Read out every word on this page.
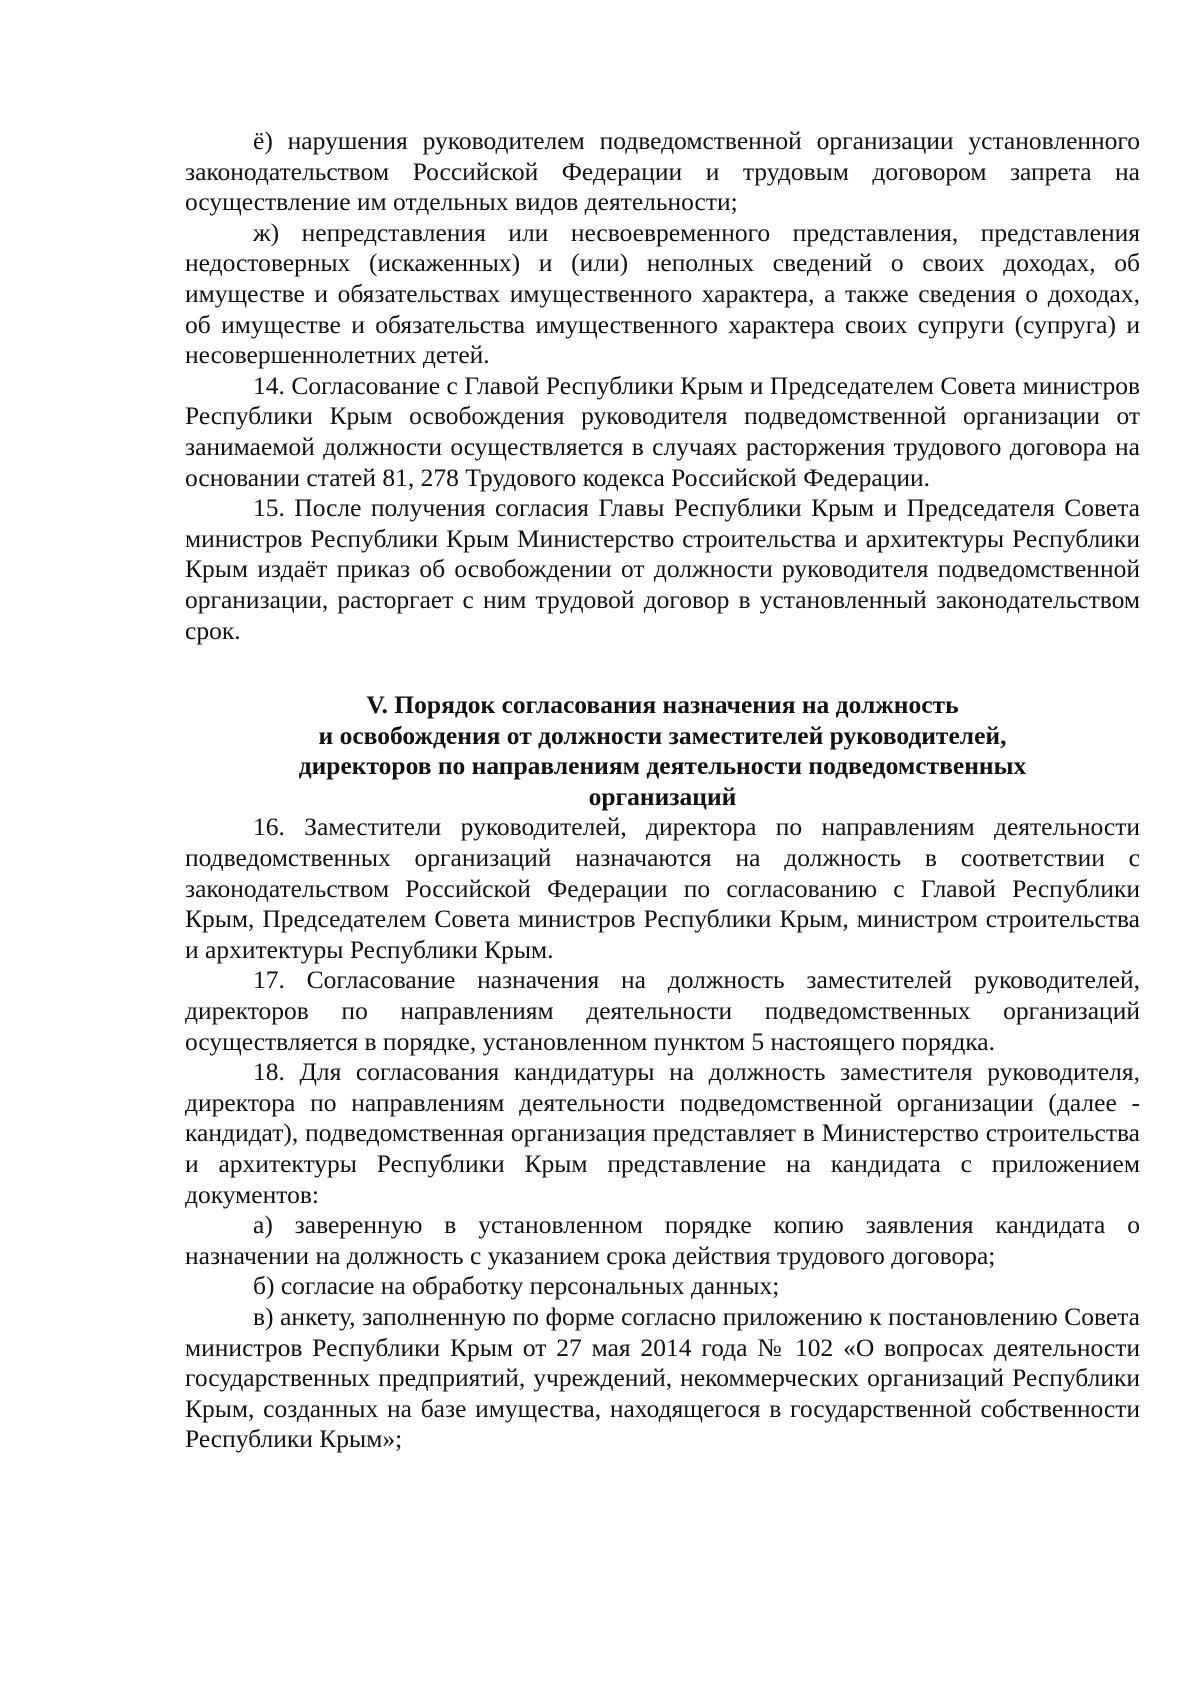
ё) нарушения руководителем подведомственной организации установленного законодательством Российской Федерации и трудовым договором запрета на осуществление им отдельных видов деятельности;

ж) непредставления или несвоевременного представления, представления недостоверных (искаженных) и (или) неполных сведений о своих доходах, об имуществе и обязательствах имущественного характера, а также сведения о доходах, об имуществе и обязательства имущественного характера своих супруги (супруга) и несовершеннолетних детей.

14. Согласование с Главой Республики Крым и Председателем Совета министров Республики Крым освобождения руководителя подведомственной организации от занимаемой должности осуществляется в случаях расторжения трудового договора на основании статей 81, 278 Трудового кодекса Российской Федерации.

15. После получения согласия Главы Республики Крым и Председателя Совета министров Республики Крым Министерство строительства и архитектуры Республики Крым издаёт приказ об освобождении от должности руководителя подведомственной организации, расторгает с ним трудовой договор в установленный законодательством срок.

V. Порядок согласования назначения на должность
и освобождения от должности заместителей руководителей,
директоров по направлениям деятельности подведомственных
организаций

16. Заместители руководителей, директора по направлениям деятельности подведомственных организаций назначаются на должность в соответствии с законодательством Российской Федерации по согласованию с Главой Республики Крым, Председателем Совета министров Республики Крым, министром строительства и архитектуры Республики Крым.

17. Согласование назначения на должность заместителей руководителей, директоров по направлениям деятельности подведомственных организаций осуществляется в порядке, установленном пунктом 5 настоящего порядка.

18. Для согласования кандидатуры на должность заместителя руководителя, директора по направлениям деятельности подведомственной организации (далее - кандидат), подведомственная организация представляет в Министерство строительства и архитектуры Республики Крым представление на кандидата с приложением документов:

а) заверенную в установленном порядке копию заявления кандидата о назначении на должность с указанием срока действия трудового договора;

б) согласие на обработку персональных данных;

в) анкету, заполненную по форме согласно приложению к постановлению Совета министров Республики Крым от 27 мая 2014 года № 102 «О вопросах деятельности государственных предприятий, учреждений, некоммерческих организаций Республики Крым, созданных на базе имущества, находящегося в государственной собственности Республики Крым»;
